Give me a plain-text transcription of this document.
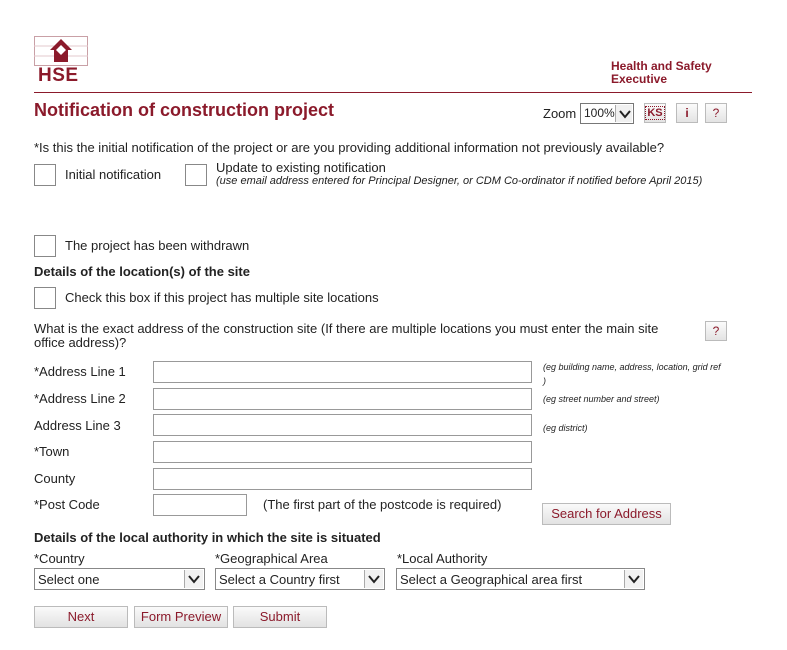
HSE	Health and Safety
Executive
Notification of construction project	Zoom 100%	KS	i	?
*Is this the initial notification of the project or are you providing additional information not previously available?
Initial notification	Update to existing notification
(use email address entered for Principal Designer, or CDM Co-ordinator if notified before April 2015)
The project has been withdrawn
Details of the location(s) of the site
Check this box if this project has multiple site locations
What is the exact address of the construction site (If there are multiple locations you must enter the main site office address)?
?
*Address Line 1	(eg building name, address, location, grid ref )
*Address Line 2	(eg street number and street)
Address Line 3	(eg district)
*Town
County
*Post Code	(The first part of the postcode is required)
Search for Address
Details of the local authority in which the site is situated
*Country
Select one
*Geographical Area
Select a Country first
*Local Authority
Select a Geographical area first
Next	Form Preview	Submit
